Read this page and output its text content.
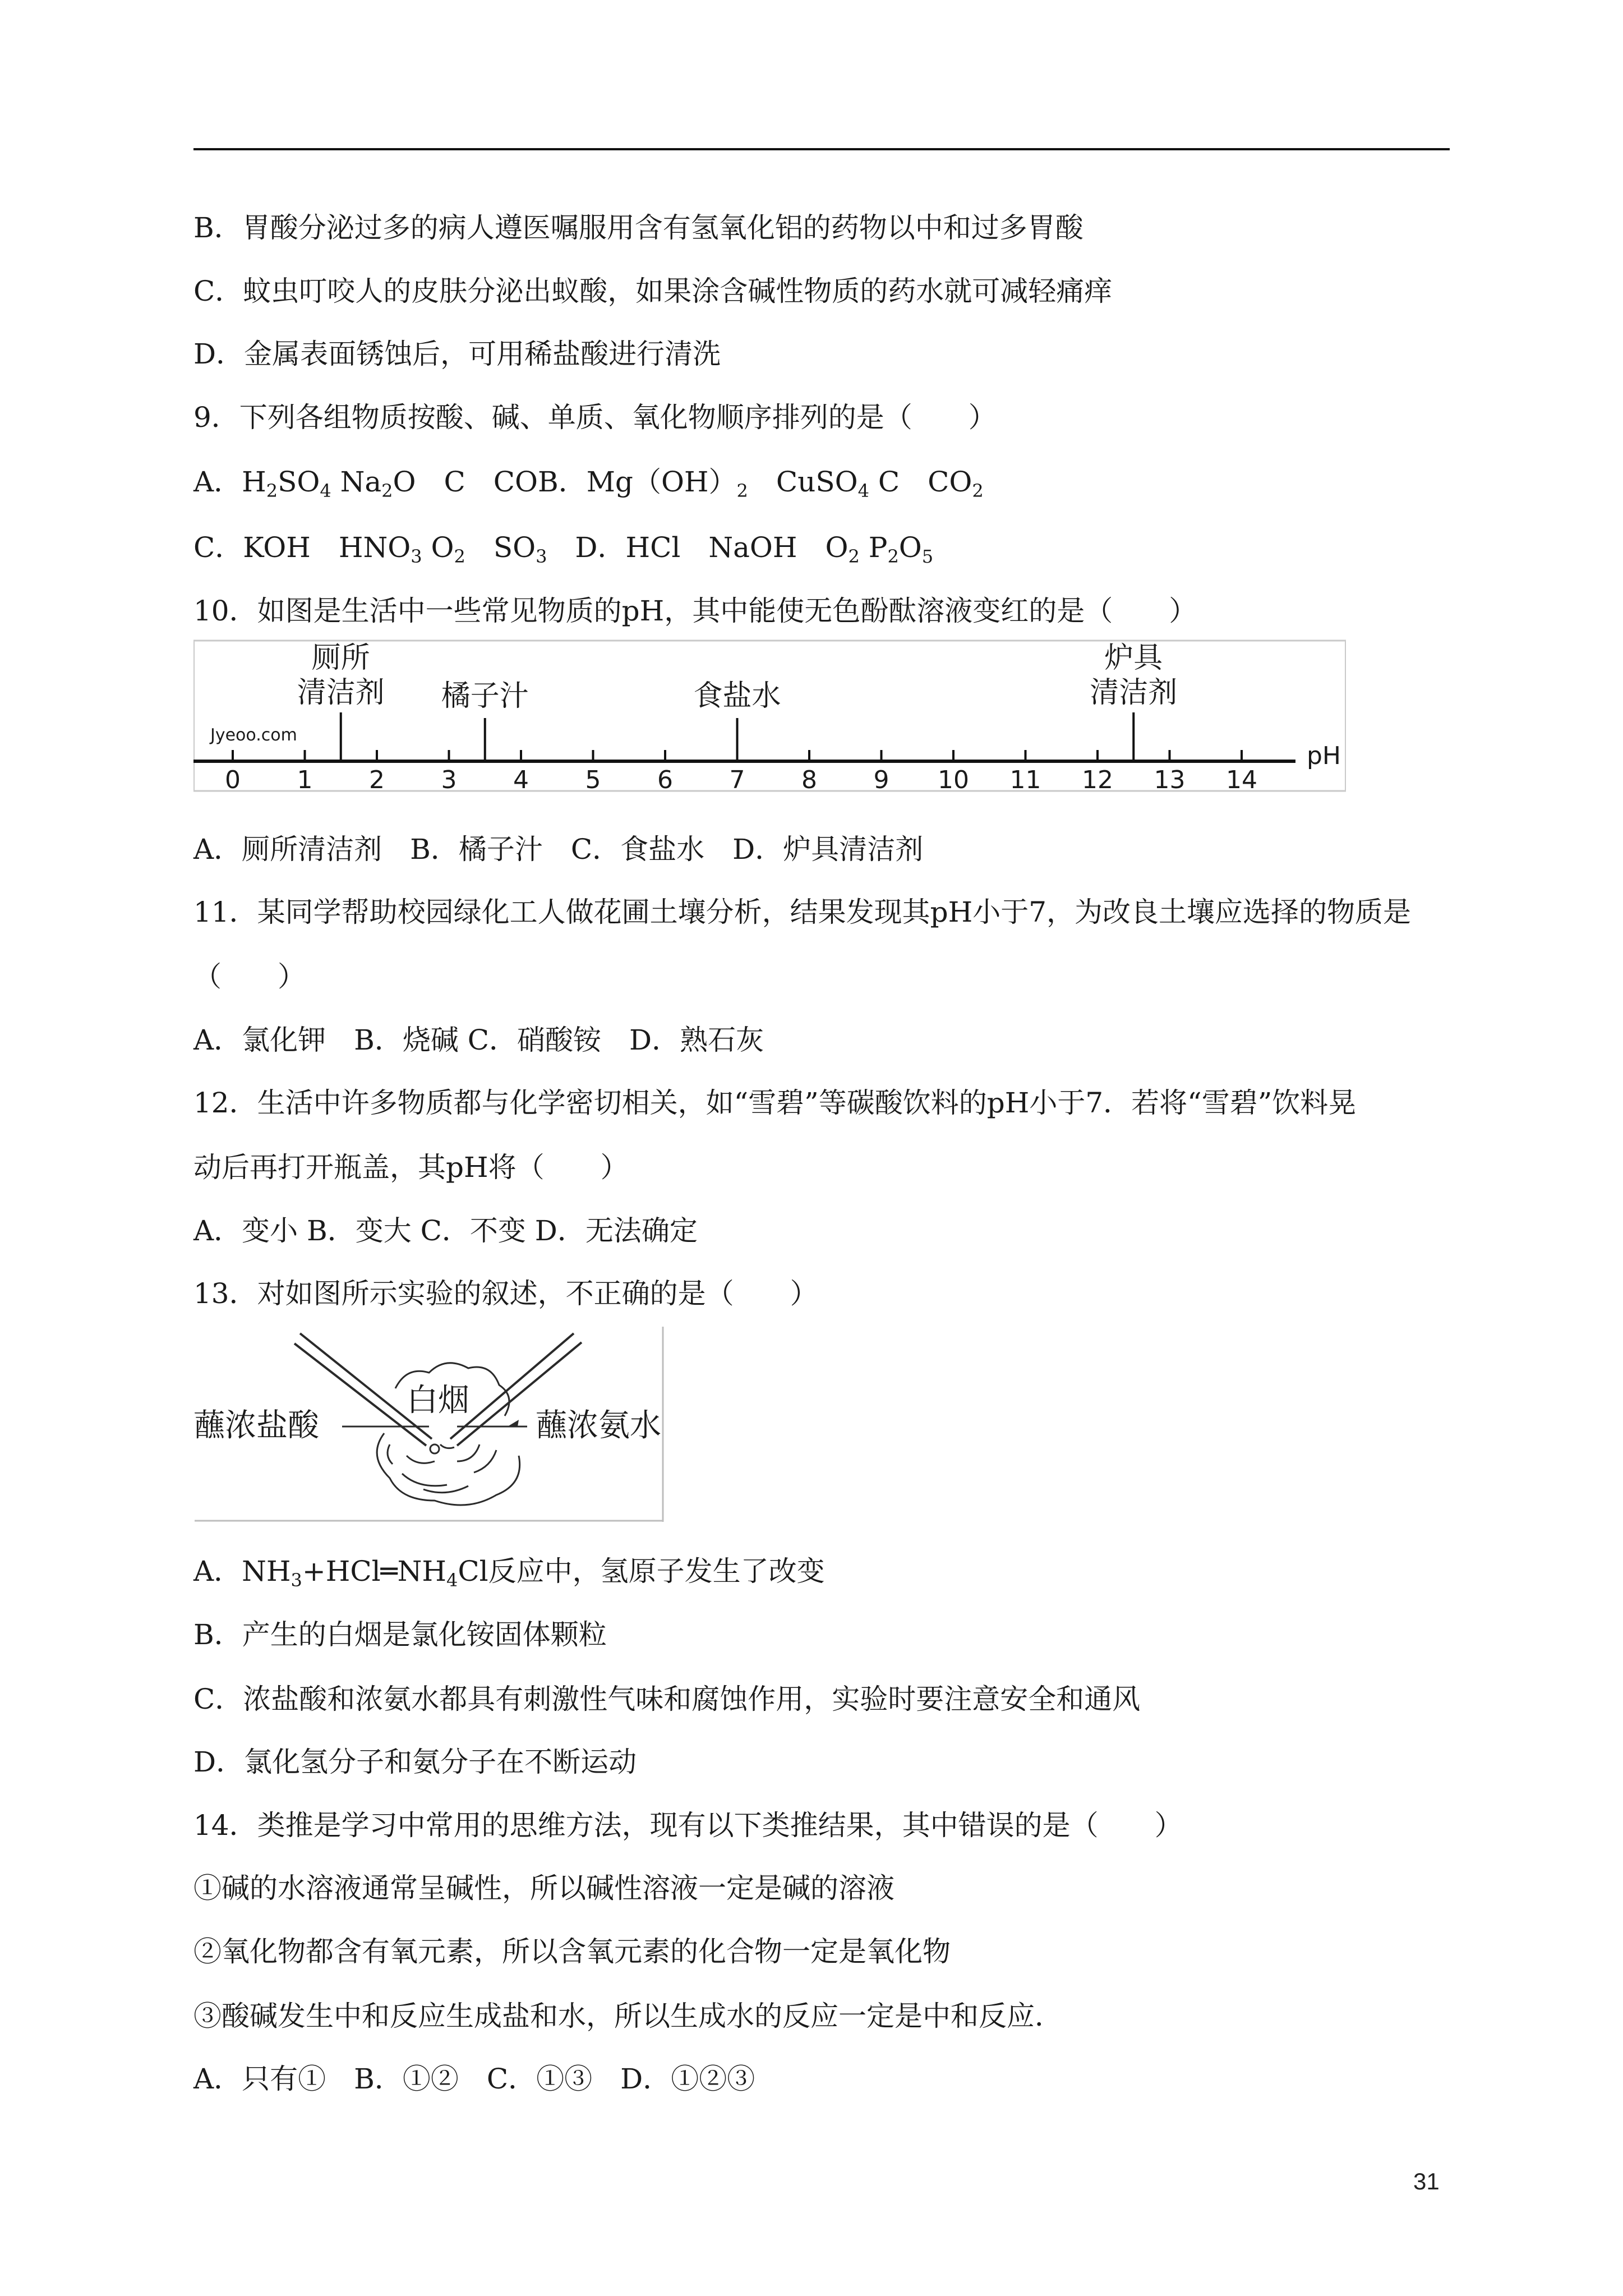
B．胃酸分泌过多的病人遵医嘱服用含有氢氧化铝的药物以中和过多胃酸
C．蚊虫叮咬人的皮肤分泌出蚁酸，如果涂含碱性物质的药水就可减轻痛痒
D．金属表面锈蚀后，可用稀盐酸进行清洗
9．下列各组物质按酸、碱、单质、氧化物顺序排列的是（　　）
A．$H_2SO_4$ $Na_2O$　C　COB．$Mg(OH)_2$　CuSO$_4$ C　$CO_2$
C．KOH　$HNO_3$ $O_2$　$SO_3$　D．HCl　NaOH　$O_2$ $P_2O_5$
10．如图是生活中一些常见物质的pH，其中能使无色酚酞溶液变红的是（　　）
Jyeoo.com
pH
0 1 2 3 4 5 6 7 8 9 10 11 12 13 14
厕所
清洁剂 橘子汁	食盐水
炉具
清洁剂
A．厕所清洁剂　B．橘子汁　C．食盐水　D．炉具清洁剂
11．某同学帮助校园绿化工人做花圃土壤分析，结果发现其pH小于7，为改良土壤应选择的物质是
（　　）
A．氯化钾　B．烧碱 C．硝酸铵　D．熟石灰
12．生活中许多物质都与化学密切相关，如“雪碧”等碳酸饮料的pH小于7．若将“雪碧”饮料晃
动后再打开瓶盖，其pH将（　　）
A．变小 B．变大 C．不变 D．无法确定
13．对如图所示实验的叙述，不正确的是（　　）
蘸浓盐酸
白烟
蘸浓氨水
A．$NH_3+HCl═NH_4Cl$反应中，氢原子发生了改变
B．产生的白烟是氯化铵固体颗粒
C．浓盐酸和浓氨水都具有刺激性气味和腐蚀作用，实验时要注意安全和通风
D．氯化氢分子和氨分子在不断运动
14．类推是学习中常用的思维方法，现有以下类推结果，其中错误的是（　　）
①碱的水溶液通常呈碱性，所以碱性溶液一定是碱的溶液
②氧化物都含有氧元素，所以含氧元素的化合物一定是氧化物
③酸碱发生中和反应生成盐和水，所以生成水的反应一定是中和反应．
A．只有①　B．①②　C．①③　D．①②③
31
